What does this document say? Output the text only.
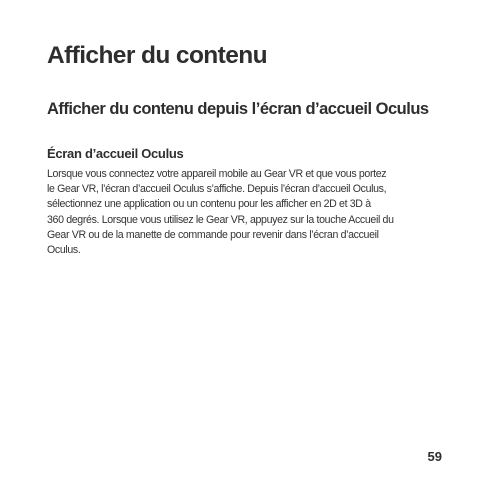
Afficher du contenu
Afficher du contenu depuis l’écran d’accueil Oculus
Écran d’accueil Oculus

Lorsque vous connectez votre appareil mobile au Gear VR et que vous portez
le Gear VR, l’écran d’accueil Oculus s’affiche. Depuis l’écran d’accueil Oculus,
sélectionnez une application ou un contenu pour les afficher en 2D et 3D à
360 degrés. Lorsque vous utilisez le Gear VR, appuyez sur la touche Accueil du
Gear VR ou de la manette de commande pour revenir dans l’écran d’accueil
Oculus.

59
